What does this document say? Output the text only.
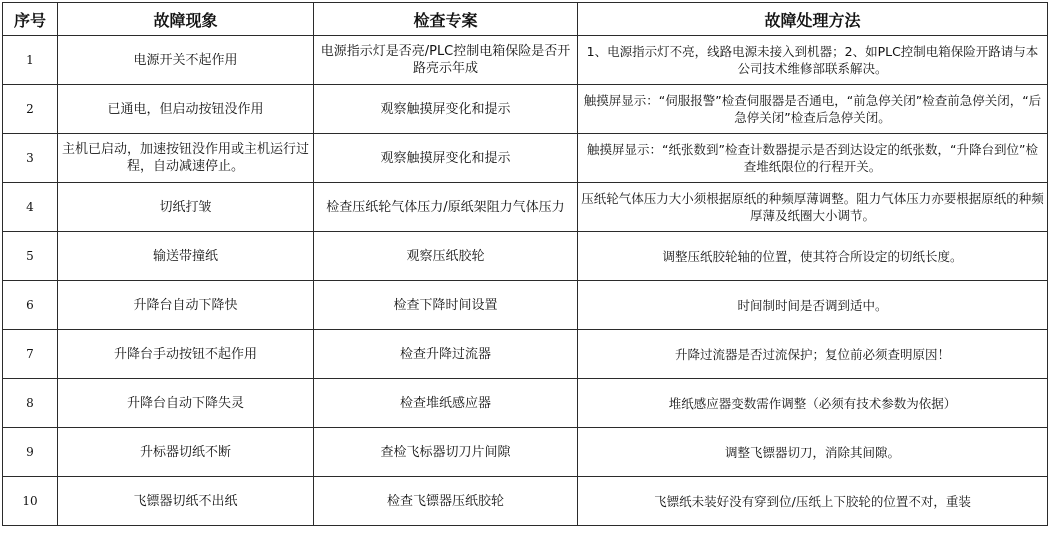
序号	故障现象	检查专案	故障处理方法
1	电源开关不起作用	电源指示灯是否亮/PLC控制电箱保险是否开路亮示年成	1、电源指示灯不亮，线路电源未接入到机器；2、如PLC控制电箱保险开路请与本公司技术维修部联系解决。
2	已通电，但启动按钮没作用	观察触摸屏变化和提示	触摸屏显示：“伺服报警”检查伺服器是否通电，“前急停关闭”检查前急停关闭，“后急停关闭”检查后急停关闭。
3	主机已启动，加速按钮没作用或主机运行过程，自动减速停止。	观察触摸屏变化和提示	触摸屏显示：“纸张数到”检查计数器提示是否到达设定的纸张数，“升降台到位”检查堆纸限位的行程开关。
4	切纸打皱	检查压纸轮气体压力/原纸架阻力气体压力	压纸轮气体压力大小须根据原纸的种频厚薄调整。阻力气体压力亦要根据原纸的种频厚薄及纸圈大小调节。
5	输送带撞纸	观察压纸胶轮	调整压纸胶轮轴的位置，使其符合所设定的切纸长度。
6	升降台自动下降快	检查下降时间设置	时间制时间是否调到适中。
7	升降台手动按钮不起作用	检查升降过流器	升降过流器是否过流保护；复位前必须查明原因！
8	升降台自动下降失灵	检查堆纸感应器	堆纸感应器变数需作调整（必须有技术参数为依据）
9	升标器切纸不断	查检飞标器切刀片间隙	调整飞镖器切刀，消除其间隙。
10	飞镖器切纸不出纸	检查飞镖器压纸胶轮	飞镖纸未装好没有穿到位/压纸上下胶轮的位置不对，重装
